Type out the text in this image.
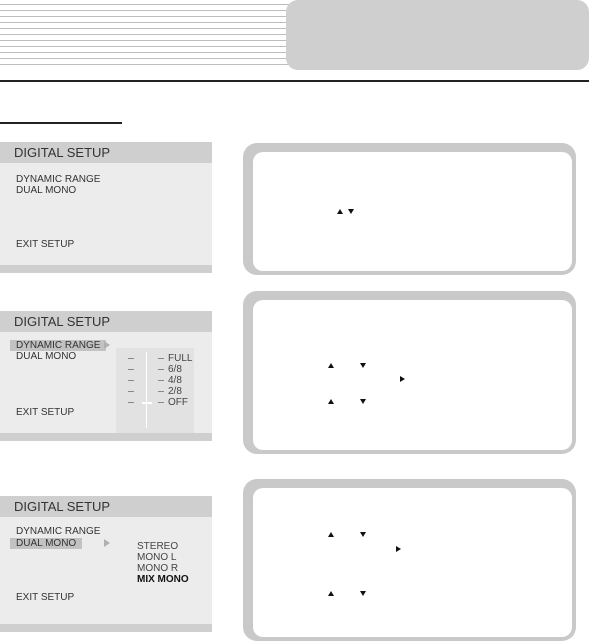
DIGITAL SETUP
DYNAMIC RANGE
DUAL MONO
EXIT SETUP
DIGITAL SETUP
DYNAMIC RANGE
DUAL MONO
EXIT SETUP
FULL
6/8
4/8
2/8
OFF
DIGITAL SETUP
DYNAMIC RANGE
DUAL MONO	STEREO
MONO L
MONO R
MIX MONO
EXIT SETUP
